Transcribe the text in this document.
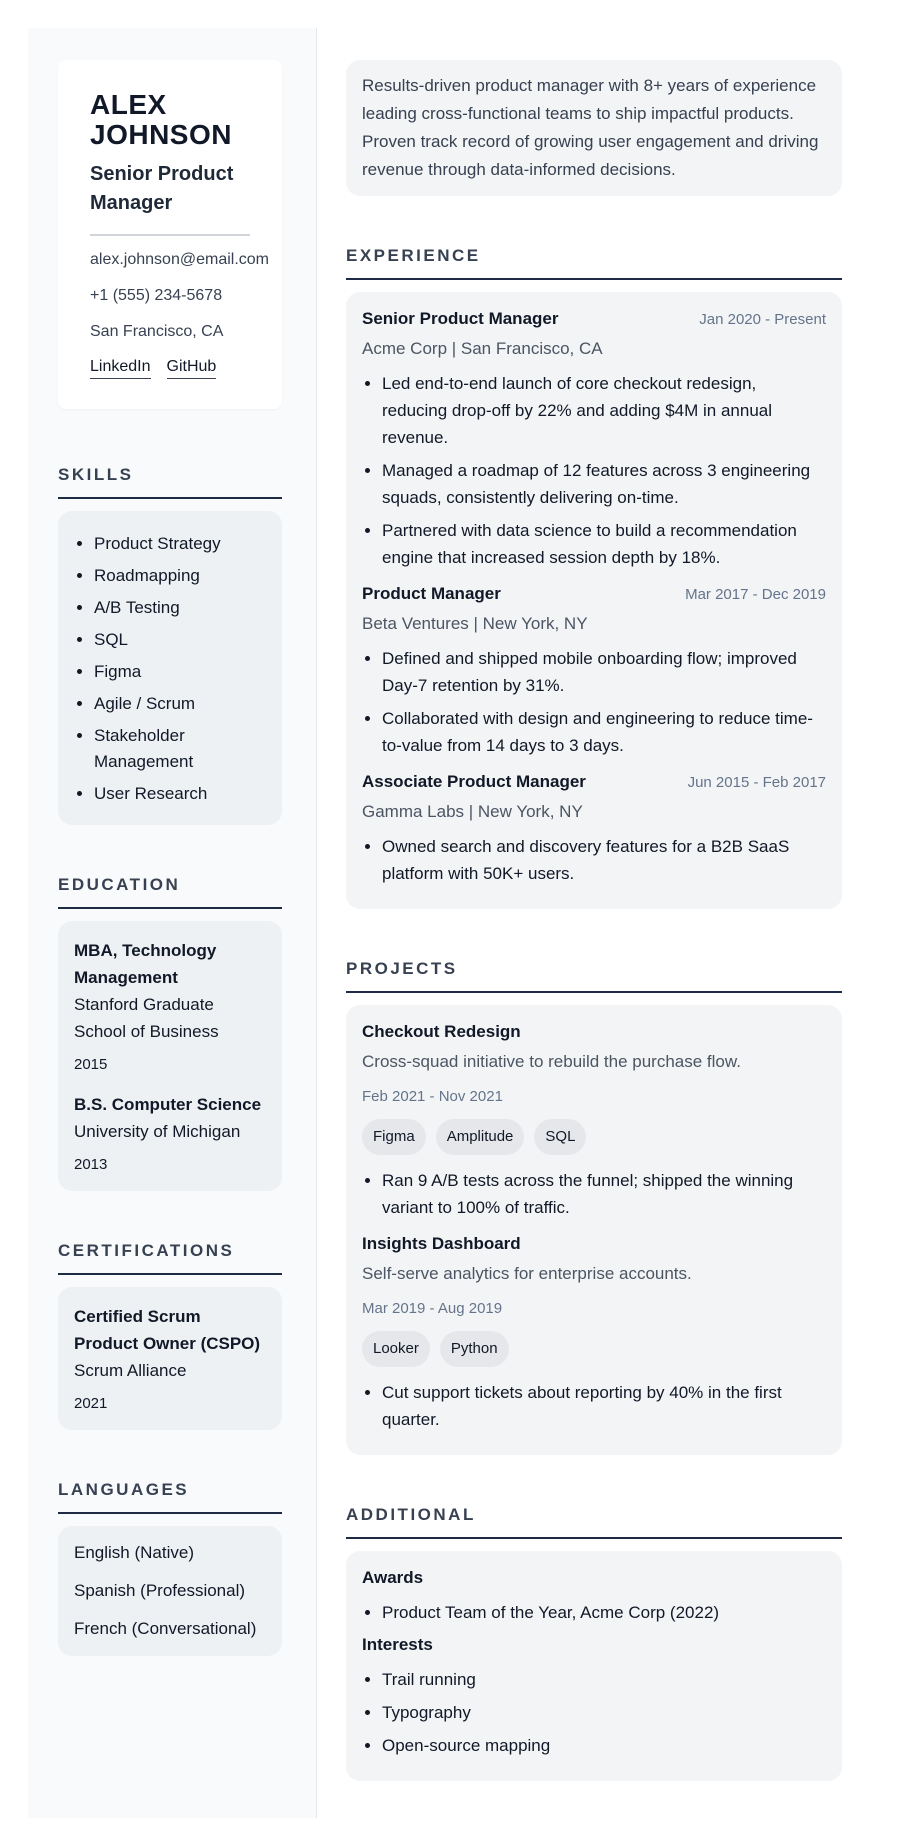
ALEX
JOHNSON
Senior Product Manager
alex.johnson@email.com
+1 (555) 234-5678
San Francisco, CA
LinkedIn GitHub
SKILLS
• Product Strategy
• Roadmapping
• A/B Testing
• SQL
• Figma
• Agile / Scrum
• Stakeholder Management
• User Research
EDUCATION
MBA, Technology Management
Stanford Graduate School of Business
2015
B.S. Computer Science
University of Michigan
2013
CERTIFICATIONS
Certified Scrum Product Owner (CSPO)
Scrum Alliance
2021
LANGUAGES
English (Native)
Spanish (Professional)
French (Conversational)
Results-driven product manager with 8+ years of experience leading cross-functional teams to ship impactful products. Proven track record of growing user engagement and driving revenue through data-informed decisions.
EXPERIENCE
Senior Product Manager	Jan 2020 - Present
Acme Corp | San Francisco, CA
• Led end-to-end launch of core checkout redesign, reducing drop-off by 22% and adding $4M in annual revenue.
• Managed a roadmap of 12 features across 3 engineering squads, consistently delivering on-time.
• Partnered with data science to build a recommendation engine that increased session depth by 18%.
Product Manager	Mar 2017 - Dec 2019
Beta Ventures | New York, NY
• Defined and shipped mobile onboarding flow; improved Day-7 retention by 31%.
• Collaborated with design and engineering to reduce time-to-value from 14 days to 3 days.
Associate Product Manager	Jun 2015 - Feb 2017
Gamma Labs | New York, NY
• Owned search and discovery features for a B2B SaaS platform with 50K+ users.
PROJECTS
Checkout Redesign
Cross-squad initiative to rebuild the purchase flow.
Feb 2021 - Nov 2021
Figma	Amplitude	SQL
• Ran 9 A/B tests across the funnel; shipped the winning variant to 100% of traffic.
Insights Dashboard
Self-serve analytics for enterprise accounts.
Mar 2019 - Aug 2019
Looker	Python
• Cut support tickets about reporting by 40% in the first quarter.
ADDITIONAL
Awards
• Product Team of the Year, Acme Corp (2022)
Interests
• Trail running
• Typography
• Open-source mapping
